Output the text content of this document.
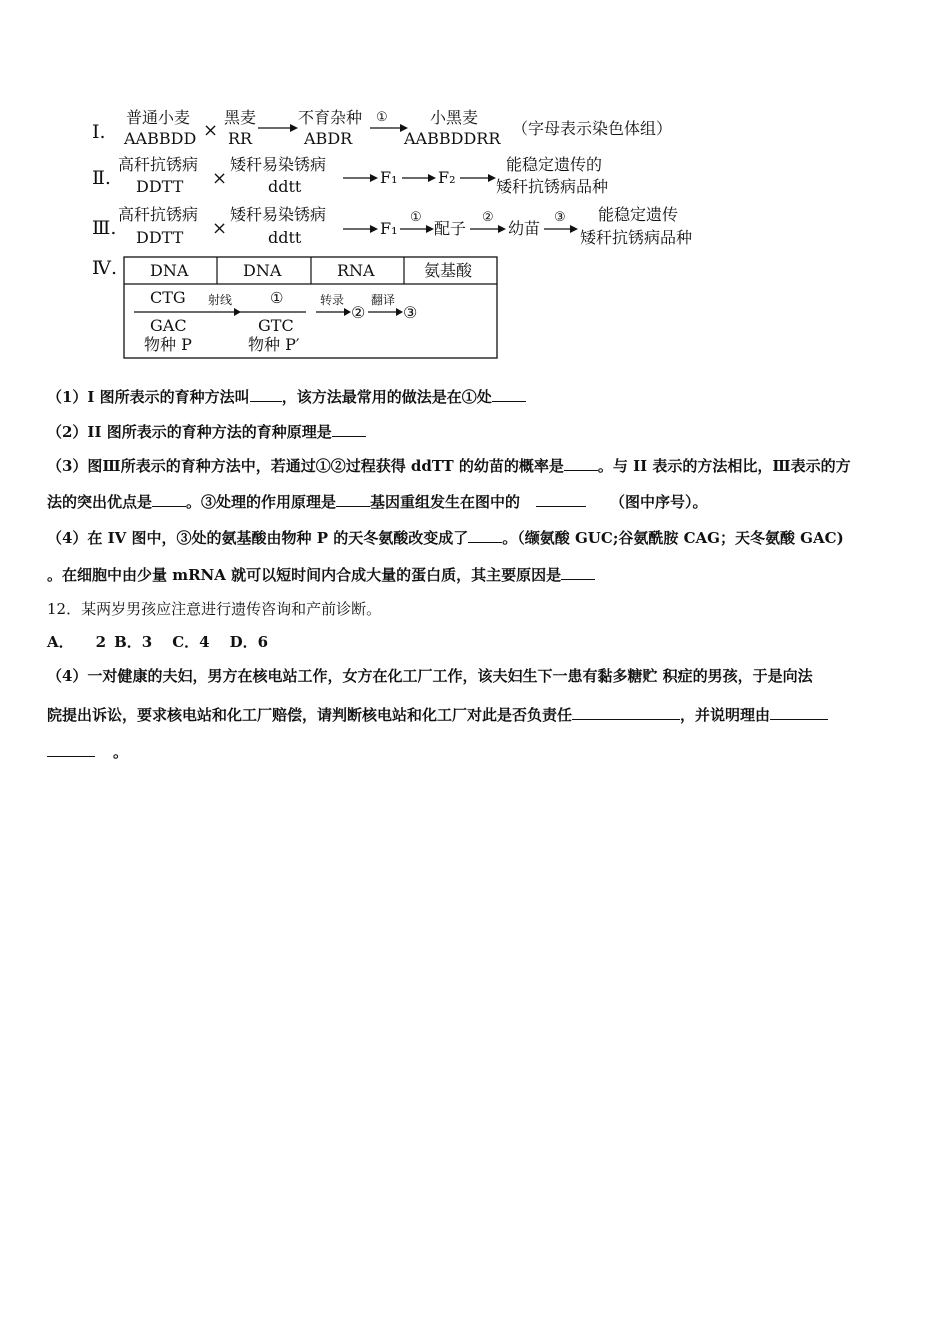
Ⅰ.
普通小麦
AABBDD ×
黑麦
RR
不育杂种
ABDR
①	小黑麦
AABBDDRR
（字母表示染色体组）
Ⅱ.
高秆抗锈病
DDTT ×
矮秆易染锈病
ddtt	F₁	F₂
能稳定遗传的
矮秆抗锈病品种
Ⅲ.
高秆抗锈病
DDTT ×
矮秆易染锈病
ddtt	F₁
①
配子
②
幼苗
③ 能稳定遗传
矮秆抗锈病品种
Ⅳ. DNA	DNA	RNA	氨基酸
CTG
GAC
物种 P
射线	①
GTC
物种 P′
转录
②
翻译
③
（1）I 图所表示的育种方法叫 ，该方法最常用的做法是在①处
（2）II 图所表示的育种方法的育种原理是
（3）图Ⅲ所表示的育种方法中，若通过①②过程获得 ddTT 的幼苗的概率是 。与 II 表示的方法相比，Ⅲ表示的方
法的突出优点是 。③处理的作用原理是 基因重组发生在图中的	（图中序号）。
（4）在 IV 图中，③处的氨基酸由物种 P 的天冬氨酸改变成了 。（缬氨酸 GUC;谷氨酰胺 CAG；天冬氨酸 GAC)
。在细胞中由少量 mRNA 就可以短时间内合成大量的蛋白质，其主要原因是
12．某两岁男孩应注意进行遗传咨询和产前诊断。
A． 2 B．3 C．4 D．6
（4）一对健康的夫妇，男方在核电站工作，女方在化工厂工作，该夫妇生下一患有黏多糖贮 积症的男孩，于是向法
院提出诉讼，要求核电站和化工厂赔偿，请判断核电站和化工厂对此是否负责任	，并说明理由
。
